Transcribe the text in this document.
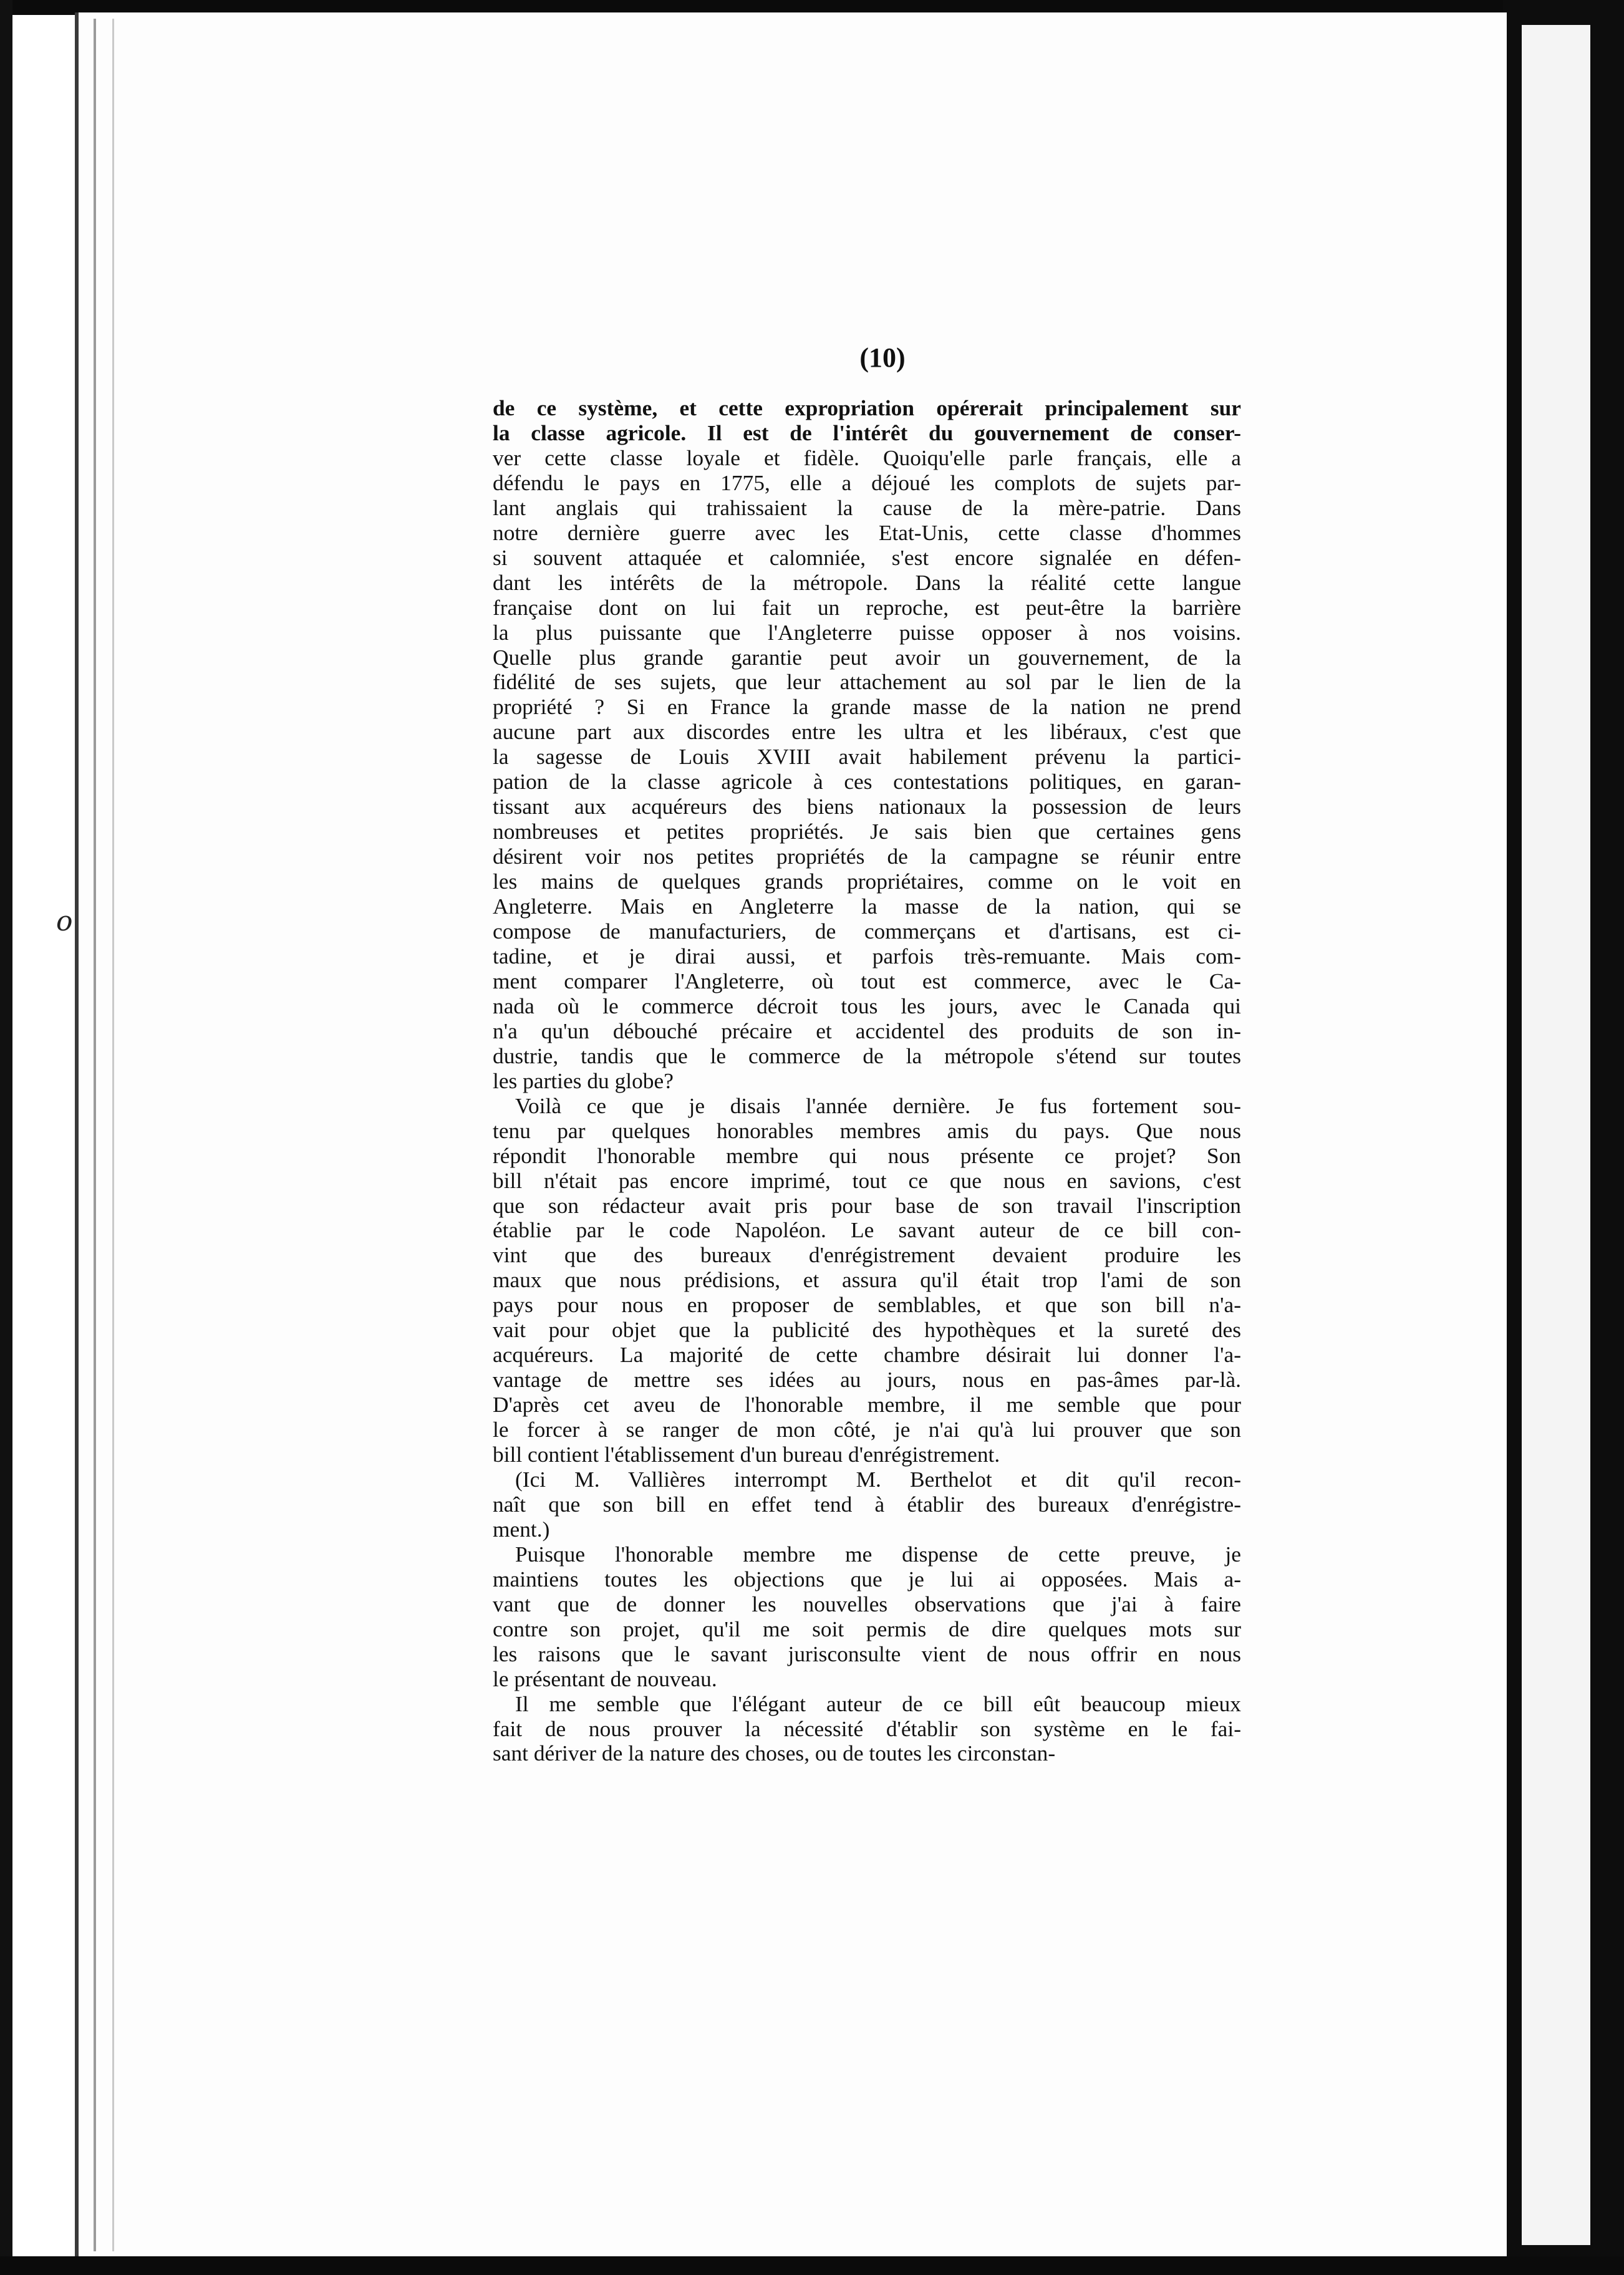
o
(10)

de ce système, et cette expropriation opérerait principalement sur
la classe agricole. Il est de l'intérêt du gouvernement de conser-
ver cette classe loyale et fidèle. Quoiqu'elle parle français, elle a
défendu le pays en 1775, elle a déjoué les complots de sujets par-
lant anglais qui trahissaient la cause de la mère-patrie. Dans
notre dernière guerre avec les Etat-Unis, cette classe d'hommes
si souvent attaquée et calomniée, s'est encore signalée en défen-
dant les intérêts de la métropole. Dans la réalité cette langue
française dont on lui fait un reproche, est peut-être la barrière
la plus puissante que l'Angleterre puisse opposer à nos voisins.
Quelle plus grande garantie peut avoir un gouvernement, de la
fidélité de ses sujets, que leur attachement au sol par le lien de la
propriété ? Si en France la grande masse de la nation ne prend
aucune part aux discordes entre les ultra et les libéraux, c'est que
la sagesse de Louis XVIII avait habilement prévenu la partici-
pation de la classe agricole à ces contestations politiques, en garan-
tissant aux acquéreurs des biens nationaux la possession de leurs
nombreuses et petites propriétés. Je sais bien que certaines gens
désirent voir nos petites propriétés de la campagne se réunir entre
les mains de quelques grands propriétaires, comme on le voit en
Angleterre. Mais en Angleterre la masse de la nation, qui se
compose de manufacturiers, de commerçans et d'artisans, est ci-
tadine, et je dirai aussi, et parfois très-remuante. Mais com-
ment comparer l'Angleterre, où tout est commerce, avec le Ca-
nada où le commerce décroit tous les jours, avec le Canada qui
n'a qu'un débouché précaire et accidentel des produits de son in-
dustrie, tandis que le commerce de la métropole s'étend sur toutes
les parties du globe?

Voilà ce que je disais l'année dernière. Je fus fortement sou-
tenu par quelques honorables membres amis du pays. Que nous
répondit l'honorable membre qui nous présente ce projet? Son
bill n'était pas encore imprimé, tout ce que nous en savions, c'est
que son rédacteur avait pris pour base de son travail l'inscription
établie par le code Napoléon. Le savant auteur de ce bill con-
vint que des bureaux d'enrégistrement devaient produire les
maux que nous prédisions, et assura qu'il était trop l'ami de son
pays pour nous en proposer de semblables, et que son bill n'a-
vait pour objet que la publicité des hypothèques et la sureté des
acquéreurs. La majorité de cette chambre désirait lui donner l'a-
vantage de mettre ses idées au jours, nous en pas-âmes par-là.
D'après cet aveu de l'honorable membre, il me semble que pour
le forcer à se ranger de mon côté, je n'ai qu'à lui prouver que son
bill contient l'établissement d'un bureau d'enrégistrement.

(Ici M. Vallières interrompt M. Berthelot et dit qu'il recon-
naît que son bill en effet tend à établir des bureaux d'enrégistre-
ment.)

Puisque l'honorable membre me dispense de cette preuve, je
maintiens toutes les objections que je lui ai opposées. Mais a-
vant que de donner les nouvelles observations que j'ai à faire
contre son projet, qu'il me soit permis de dire quelques mots sur
les raisons que le savant jurisconsulte vient de nous offrir en nous
le présentant de nouveau.

Il me semble que l'élégant auteur de ce bill eût beaucoup mieux
fait de nous prouver la nécessité d'établir son système en le fai-
sant dériver de la nature des choses, ou de toutes les circonstan-
